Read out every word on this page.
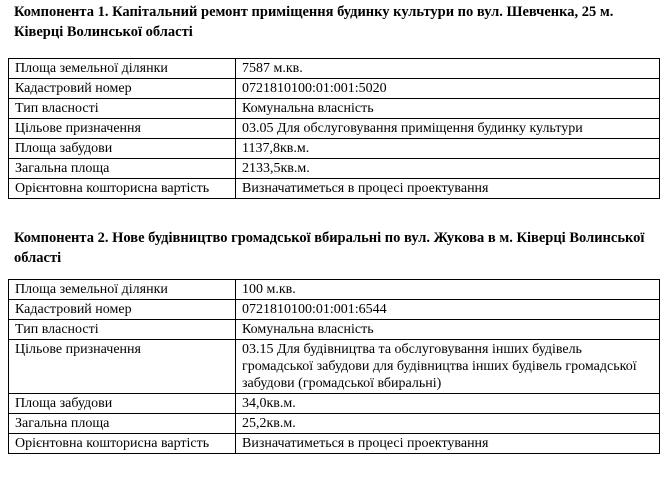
Компонента 1. Капітальний ремонт приміщення будинку культури по вул. Шевченка, 25 м. Ківерці Волинської області
Площа земельної ділянки	7587 м.кв.
Кадастровий номер	0721810100:01:001:5020
Тип власності	Комунальна власність
Цільове призначення	03.05 Для обслуговування приміщення будинку культури
Площа забудови	1137,8кв.м.
Загальна площа	2133,5кв.м.
Орієнтовна кошторисна вартість	Визначатиметься в процесі проектування
Компонента 2. Нове будівництво громадської вбиральні по вул. Жукова в м. Ківерці Волинської області
Площа земельної ділянки	100 м.кв.
Кадастровий номер	0721810100:01:001:6544
Тип власності	Комунальна власність
Цільове призначення	03.15 Для будівництва та обслуговування інших будівель громадської забудови для будівництва інших будівель громадської забудови (громадської вбиральні)
Площа забудови	34,0кв.м.
Загальна площа	25,2кв.м.
Орієнтовна кошторисна вартість	Визначатиметься в процесі проектування
